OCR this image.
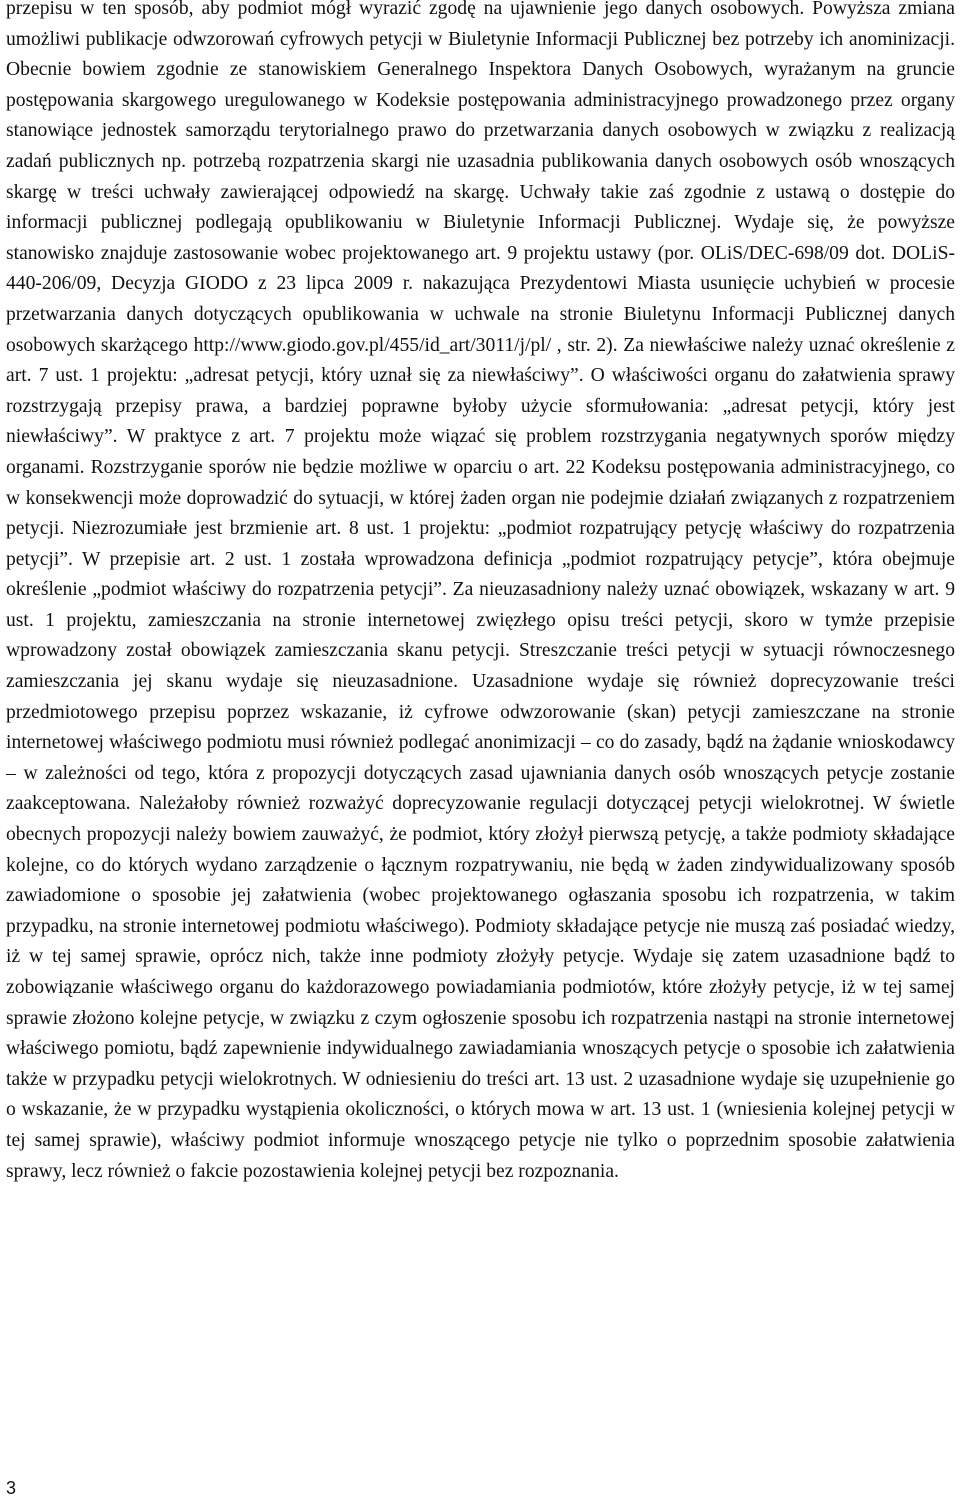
przepisu w ten sposób, aby podmiot mógł wyrazić zgodę na ujawnienie jego danych osobowych. Powyższa zmiana umożliwi publikacje odwzorowań cyfrowych petycji w Biuletynie Informacji Publicznej bez potrzeby ich anominizacji. Obecnie bowiem zgodnie ze stanowiskiem Generalnego Inspektora Danych Osobowych, wyrażanym na gruncie postępowania skargowego uregulowanego w Kodeksie postępowania administracyjnego prowadzonego przez organy stanowiące jednostek samorządu terytorialnego prawo do przetwarzania danych osobowych w związku z realizacją zadań publicznych np. potrzebą rozpatrzenia skargi nie uzasadnia publikowania danych osobowych osób wnoszących skargę w treści uchwały zawierającej odpowiedź na skargę. Uchwały takie zaś zgodnie z ustawą o dostępie do informacji publicznej podlegają opublikowaniu w Biuletynie Informacji Publicznej. Wydaje się, że powyższe stanowisko znajduje zastosowanie wobec projektowanego art. 9 projektu ustawy (por. OLiS/DEC-698/09 dot. DOLiS-440-206/09, Decyzja GIODO z 23 lipca 2009 r. nakazująca Prezydentowi Miasta usunięcie uchybień w procesie przetwarzania danych dotyczących opublikowania w uchwale na stronie Biuletynu Informacji Publicznej danych osobowych skarżącego http://www.giodo.gov.pl/455/id_art/3011/j/pl/ , str. 2). Za niewłaściwe należy uznać określenie z art. 7 ust. 1 projektu: „adresat petycji, który uznał się za niewłaściwy”. O właściwości organu do załatwienia sprawy rozstrzygają przepisy prawa, a bardziej poprawne byłoby użycie sformułowania: „adresat petycji, który jest niewłaściwy”. W praktyce z art. 7 projektu może wiązać się problem rozstrzygania negatywnych sporów między organami. Rozstrzyganie sporów nie będzie możliwe w oparciu o art. 22 Kodeksu postępowania administracyjnego, co w konsekwencji może doprowadzić do sytuacji, w której żaden organ nie podejmie działań związanych z rozpatrzeniem petycji. Niezrozumiałe jest brzmienie art. 8 ust. 1 projektu: „podmiot rozpatrujący petycję właściwy do rozpatrzenia petycji”. W przepisie art. 2 ust. 1 została wprowadzona definicja „podmiot rozpatrujący petycje”, która obejmuje określenie „podmiot właściwy do rozpatrzenia petycji”. Za nieuzasadniony należy uznać obowiązek, wskazany w art. 9 ust. 1 projektu, zamieszczania na stronie internetowej zwięzłego opisu treści petycji, skoro w tymże przepisie wprowadzony został obowiązek zamieszczania skanu petycji. Streszczanie treści petycji w sytuacji równoczesnego zamieszczania jej skanu wydaje się nieuzasadnione. Uzasadnione wydaje się również doprecyzowanie treści przedmiotowego przepisu poprzez wskazanie, iż cyfrowe odwzorowanie (skan) petycji zamieszczane na stronie internetowej właściwego podmiotu musi również podlegać anonimizacji – co do zasady, bądź na żądanie wnioskodawcy – w zależności od tego, która z propozycji dotyczących zasad ujawniania danych osób wnoszących petycje zostanie zaakceptowana. Należałoby również rozważyć doprecyzowanie regulacji dotyczącej petycji wielokrotnej. W świetle obecnych propozycji należy bowiem zauważyć, że podmiot, który złożył pierwszą petycję, a także podmioty składające kolejne, co do których wydano zarządzenie o łącznym rozpatrywaniu, nie będą w żaden zindywidualizowany sposób zawiadomione o sposobie jej załatwienia (wobec projektowanego ogłaszania sposobu ich rozpatrzenia, w takim przypadku, na stronie internetowej podmiotu właściwego). Podmioty składające petycje nie muszą zaś posiadać wiedzy, iż w tej samej sprawie, oprócz nich, także inne podmioty złożyły petycje. Wydaje się zatem uzasadnione bądź to zobowiązanie właściwego organu do każdorazowego powiadamiania podmiotów, które złożyły petycje, iż w tej samej sprawie złożono kolejne petycje, w związku z czym ogłoszenie sposobu ich rozpatrzenia nastąpi na stronie internetowej właściwego pomiotu, bądź zapewnienie indywidualnego zawiadamiania wnoszących petycje o sposobie ich załatwienia także w przypadku petycji wielokrotnych. W odniesieniu do treści art. 13 ust. 2 uzasadnione wydaje się uzupełnienie go o wskazanie, że w przypadku wystąpienia okoliczności, o których mowa w art. 13 ust. 1 (wniesienia kolejnej petycji w tej samej sprawie), właściwy podmiot informuje wnoszącego petycje nie tylko o poprzednim sposobie załatwienia sprawy, lecz również o fakcie pozostawienia kolejnej petycji bez rozpoznania.

3
